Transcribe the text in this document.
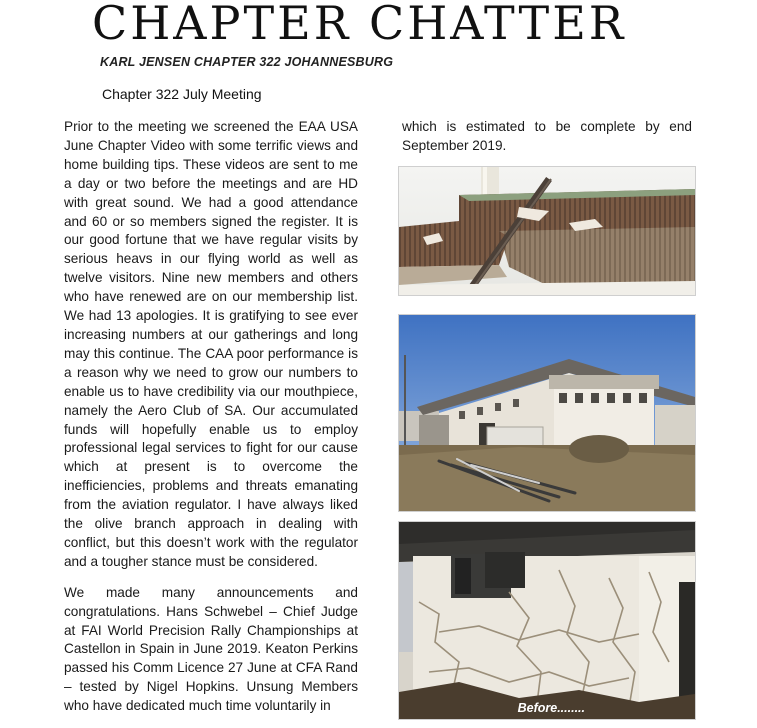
CHAPTER CHATTER
KARL JENSEN CHAPTER 322 JOHANNESBURG
Chapter 322 July Meeting

Prior to the meeting we screened the EAA USA June Chapter Video with some terrific views and home building tips. These videos are sent to me a day or two before the meetings and are HD with great sound. We had a good attendance and 60 or so members signed the register. It is our good fortune that we have regular visits by serious heavs in our flying world as well as twelve visitors. Nine new members and others who have renewed are on our membership list. We had 13 apologies. It is gratifying to see ever increasing numbers at our gatherings and long may this continue. The CAA poor performance is a reason why we need to grow our numbers to enable us to have credibility via our mouthpiece, namely the Aero Club of SA. Our accumulated funds will hopefully enable us to employ professional legal services to fight for our cause which at present is to overcome the inefficiencies, problems and threats emanating from the aviation regulator. I have always liked the olive branch approach in dealing with conflict, but this doesn’t work with the regulator and a tougher stance must be considered.

We made many announcements and congratulations. Hans Schwebel – Chief Judge at FAI World Precision Rally Championships at Castellon in Spain in June 2019. Keaton Perkins passed his Comm Licence 27 June at CFA Rand – tested by Nigel Hopkins. Unsung Members who have dedicated much time voluntarily in

which is estimated to be complete by end September 2019.
Before........
